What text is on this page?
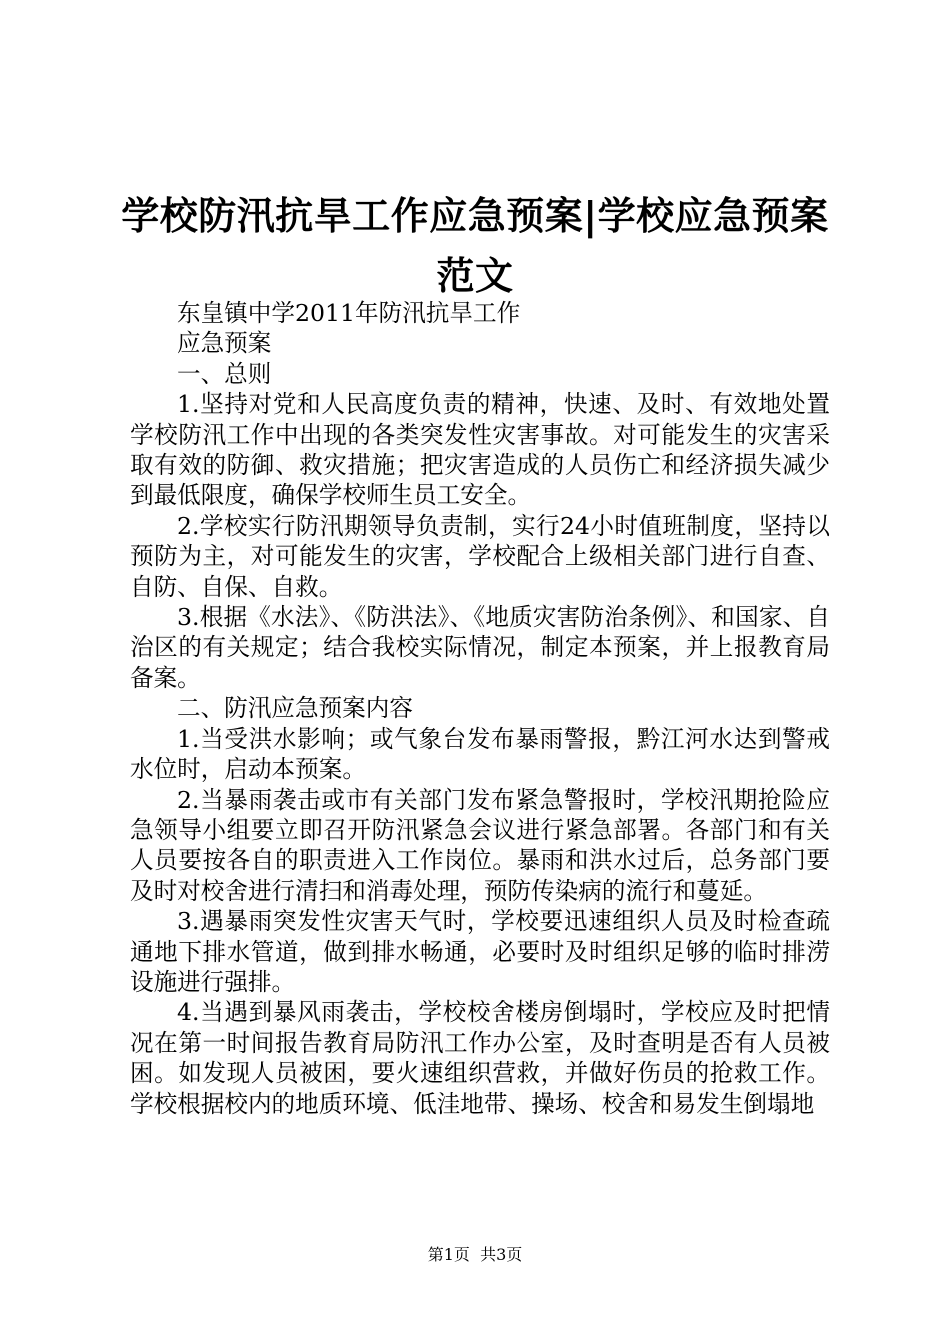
学校防汛抗旱工作应急预案|学校应急预案范文

东皇镇中学2011年防汛抗旱工作

应急预案

一、总则

1.坚持对党和人民高度负责的精神，快速、及时、有效地处置学校防汛工作中出现的各类突发性灾害事故。对可能发生的灾害采取有效的防御、救灾措施；把灾害造成的人员伤亡和经济损失减少到最低限度，确保学校师生员工安全。

2.学校实行防汛期领导负责制，实行24小时值班制度，坚持以预防为主，对可能发生的灾害，学校配合上级相关部门进行自查、自防、自保、自救。

3.根据《水法》、《防洪法》、《地质灾害防治条例》、和国家、自治区的有关规定；结合我校实际情况，制定本预案，并上报教育局备案。

二、防汛应急预案内容

1.当受洪水影响；或气象台发布暴雨警报，黔江河水达到警戒水位时，启动本预案。

2.当暴雨袭击或市有关部门发布紧急警报时，学校汛期抢险应急领导小组要立即召开防汛紧急会议进行紧急部署。各部门和有关人员要按各自的职责进入工作岗位。暴雨和洪水过后，总务部门要及时对校舍进行清扫和消毒处理，预防传染病的流行和蔓延。

3.遇暴雨突发性灾害天气时，学校要迅速组织人员及时检查疏通地下排水管道，做到排水畅通，必要时及时组织足够的临时排涝设施进行强排。

4.当遇到暴风雨袭击，学校校舍楼房倒塌时，学校应及时把情况在第一时间报告教育局防汛工作办公室，及时查明是否有人员被困。如发现人员被困，要火速组织营救，并做好伤员的抢救工作。学校根据校内的地质环境、低洼地带、操场、校舍和易发生倒塌地

第1页 共3页
